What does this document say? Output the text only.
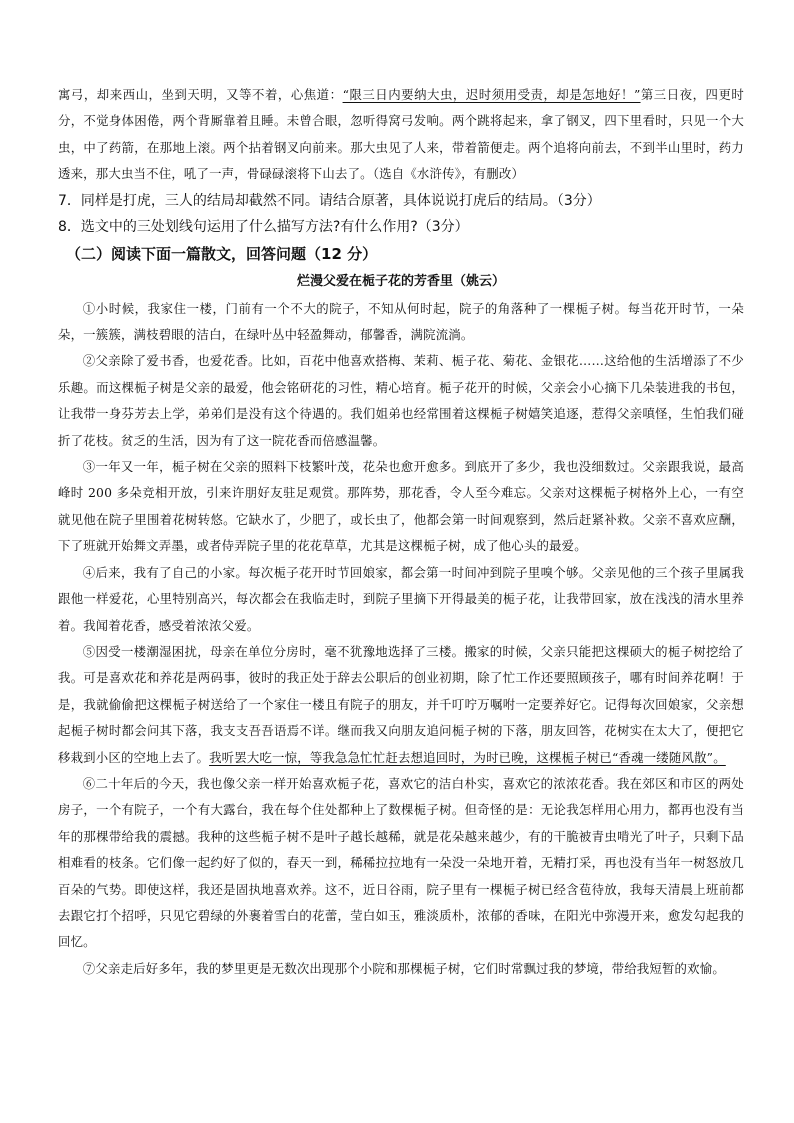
寓弓，却来西山，坐到天明，又等不着，心焦道：“限三日内要纳大虫，迟时须用受责，却是怎地好！”第三日夜，四更时分，不觉身体困倦，两个背厮靠着且睡。未曾合眼，忽听得窝弓发响。两个跳将起来，拿了钢叉，四下里看时，只见一个大虫，中了药箭，在那地上滚。两个拈着钢叉向前来。那大虫见了人来，带着箭便走。两个追将向前去，不到半山里时，药力透来，那大虫当不住，吼了一声，骨碌碌滚将下山去了。（选自《水浒传》，有删改）

7．同样是打虎，三人的结局却截然不同。请结合原著，具体说说打虎后的结局。（3分）

8．选文中的三处划线句运用了什么描写方法?有什么作用?（3分）

（二）阅读下面一篇散文，回答问题（12 分）

烂漫父爱在栀子花的芳香里（姚云）

①小时候，我家住一楼，门前有一个不大的院子，不知从何时起，院子的角落种了一棵栀子树。每当花开时节，一朵朵，一簇簇，满枝碧眼的洁白，在绿叶丛中轻盈舞动，郁馨香，满院流淌。

②父亲除了爱书香，也爱花香。比如，百花中他喜欢搭梅、茉莉、栀子花、菊花、金银花……这给他的生活增添了不少乐趣。而这棵栀子树是父亲的最爱，他会铭研花的习性，精心培育。栀子花开的时候，父亲会小心摘下几朵装进我的书包，让我带一身芬芳去上学，弟弟们是没有这个待遇的。我们姐弟也经常围着这棵栀子树嬉笑追逐，惹得父亲嗔怪，生怕我们碰折了花枝。贫乏的生活，因为有了这一院花香而倍感温馨。

③一年又一年，栀子树在父亲的照料下枝繁叶茂，花朵也愈开愈多。到底开了多少，我也没细数过。父亲跟我说，最高峰时 200 多朵竞相开放，引来许朋好友驻足观赏。那阵势，那花香，令人至今难忘。父亲对这棵栀子树格外上心，一有空就见他在院子里围着花树转悠。它缺水了，少肥了，或长虫了，他都会第一时间观察到，然后赶紧补救。父亲不喜欢应酬，下了班就开始舞文弄墨，或者侍弄院子里的花花草草，尤其是这棵栀子树，成了他心头的最爱。

④后来，我有了自己的小家。每次栀子花开时节回娘家，都会第一时间冲到院子里嗅个够。父亲见他的三个孩子里属我跟他一样爱花，心里特别高兴，每次都会在我临走时，到院子里摘下开得最美的栀子花，让我带回家，放在浅浅的清水里养着。我闻着花香，感受着浓浓父爱。

⑤因受一楼潮湿困扰，母亲在单位分房时，毫不犹豫地选择了三楼。搬家的时候，父亲只能把这棵硕大的栀子树挖给了我。可是喜欢花和养花是两码事，彼时的我正处于辞去公职后的创业初期，除了忙工作还要照顾孩子，哪有时间养花啊！于是，我就偷偷把这棵栀子树送给了一个家住一楼且有院子的朋友，并千叮咛万嘱咐一定要养好它。记得每次回娘家，父亲想起栀子树时都会问其下落，我支支吾吾语焉不详。继而我又向朋友追问栀子树的下落，朋友回答，花树实在太大了，便把它移栽到小区的空地上去了。我听罢大吃一惊，等我急急忙忙赶去想追回时，为时已晚，这棵栀子树已“香魂一缕随风散”。

⑥二十年后的今天，我也像父亲一样开始喜欢栀子花，喜欢它的洁白朴实，喜欢它的浓浓花香。我在郊区和市区的两处房子，一个有院子，一个有大露台，我在每个住处都种上了数棵栀子树。但奇怪的是：无论我怎样用心用力，都再也没有当年的那棵带给我的震撼。我种的这些栀子树不是叶子越长越稀，就是花朵越来越少，有的干脆被青虫啃光了叶子，只剩下品相难看的枝条。它们像一起约好了似的，春天一到，稀稀拉拉地有一朵没一朵地开着，无精打采，再也没有当年一树怒放几百朵的气势。即使这样，我还是固执地喜欢养。这不，近日谷雨，院子里有一棵栀子树已经含苞待放，我每天清晨上班前都去跟它打个招呼，只见它碧绿的外裹着雪白的花蕾，莹白如玉，雅淡质朴，浓郁的香味，在阳光中弥漫开来，愈发勾起我的回忆。

⑦父亲走后好多年，我的梦里更是无数次出现那个小院和那棵栀子树，它们时常飘过我的梦境，带给我短暂的欢愉。
